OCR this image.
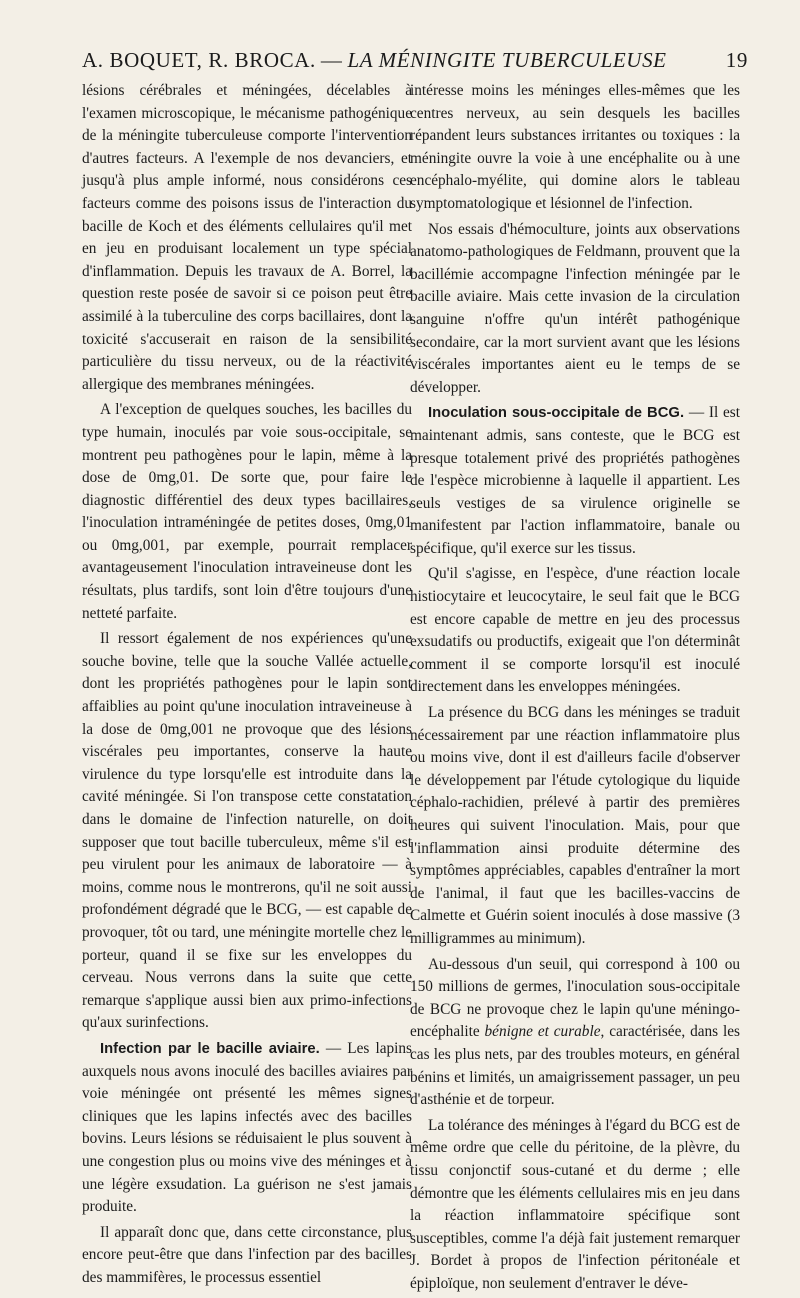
A. BOQUET, R. BROCA. — LA MÉNINGITE TUBERCULEUSE	19

lésions cérébrales et méningées, décelables à l'examen microscopique, le mécanisme pathogénique de la méningite tuberculeuse comporte l'intervention d'autres facteurs. A l'exemple de nos devanciers, et jusqu'à plus ample informé, nous considérons ces facteurs comme des poisons issus de l'interaction du bacille de Koch et des éléments cellulaires qu'il met en jeu en produisant localement un type spécial d'inflammation. Depuis les travaux de A. Borrel, la question reste posée de savoir si ce poison peut être assimilé à la tuberculine des corps bacillaires, dont la toxicité s'accuserait en raison de la sensibilité particulière du tissu nerveux, ou de la réactivité allergique des membranes méningées.

A l'exception de quelques souches, les bacilles du type humain, inoculés par voie sous-occipitale, se montrent peu pathogènes pour le lapin, même à la dose de 0mg,01. De sorte que, pour faire le diagnostic différentiel des deux types bacillaires, l'inoculation intraméningée de petites doses, 0mg,01 ou 0mg,001, par exemple, pourrait remplacer avantageusement l'inoculation intraveineuse dont les résultats, plus tardifs, sont loin d'être toujours d'une netteté parfaite.

Il ressort également de nos expériences qu'une souche bovine, telle que la souche Vallée actuelle, dont les propriétés pathogènes pour le lapin sont affaiblies au point qu'une inoculation intraveineuse à la dose de 0mg,001 ne provoque que des lésions viscérales peu importantes, conserve la haute virulence du type lorsqu'elle est introduite dans la cavité méningée. Si l'on transpose cette constatation dans le domaine de l'infection naturelle, on doit supposer que tout bacille tuberculeux, même s'il est peu virulent pour les animaux de laboratoire — à moins, comme nous le montrerons, qu'il ne soit aussi profondément dégradé que le BCG, — est capable de provoquer, tôt ou tard, une méningite mortelle chez le porteur, quand il se fixe sur les enveloppes du cerveau. Nous verrons dans la suite que cette remarque s'applique aussi bien aux primo-infections qu'aux surinfections.

Infection par le bacille aviaire. — Les lapins auxquels nous avons inoculé des bacilles aviaires par voie méningée ont présenté les mêmes signes cliniques que les lapins infectés avec des bacilles bovins. Leurs lésions se réduisaient le plus souvent à une congestion plus ou moins vive des méninges et à une légère exsudation. La guérison ne s'est jamais produite.

Il apparaît donc que, dans cette circonstance, plus encore peut-être que dans l'infection par des bacilles des mammifères, le processus essentiel

intéresse moins les méninges elles-mêmes que les centres nerveux, au sein desquels les bacilles répandent leurs substances irritantes ou toxiques : la méningite ouvre la voie à une encéphalite ou à une encéphalo-myélite, qui domine alors le tableau symptomatologique et lésionnel de l'infection.

Nos essais d'hémoculture, joints aux observations anatomo-pathologiques de Feldmann, prouvent que la bacillémie accompagne l'infection méningée par le bacille aviaire. Mais cette invasion de la circulation sanguine n'offre qu'un intérêt pathogénique secondaire, car la mort survient avant que les lésions viscérales importantes aient eu le temps de se développer.

Inoculation sous-occipitale de BCG. — Il est maintenant admis, sans conteste, que le BCG est presque totalement privé des propriétés pathogènes de l'espèce microbienne à laquelle il appartient. Les seuls vestiges de sa virulence originelle se manifestent par l'action inflammatoire, banale ou spécifique, qu'il exerce sur les tissus.

Qu'il s'agisse, en l'espèce, d'une réaction locale histiocytaire et leucocytaire, le seul fait que le BCG est encore capable de mettre en jeu des processus exsudatifs ou productifs, exigeait que l'on déterminât comment il se comporte lorsqu'il est inoculé directement dans les enveloppes méningées.

La présence du BCG dans les méninges se traduit nécessairement par une réaction inflammatoire plus ou moins vive, dont il est d'ailleurs facile d'observer le développement par l'étude cytologique du liquide céphalo-rachidien, prélevé à partir des premières heures qui suivent l'inoculation. Mais, pour que l'inflammation ainsi produite détermine des symptômes appréciables, capables d'entraîner la mort de l'animal, il faut que les bacilles-vaccins de Calmette et Guérin soient inoculés à dose massive (3 milligrammes au minimum).

Au-dessous d'un seuil, qui correspond à 100 ou 150 millions de germes, l'inoculation sous-occipitale de BCG ne provoque chez le lapin qu'une méningo-encéphalite bénigne et curable, caractérisée, dans les cas les plus nets, par des troubles moteurs, en général bénins et limités, un amaigrissement passager, un peu d'asthénie et de torpeur.

La tolérance des méninges à l'égard du BCG est de même ordre que celle du péritoine, de la plèvre, du tissu conjonctif sous-cutané et du derme ; elle démontre que les éléments cellulaires mis en jeu dans la réaction inflammatoire spécifique sont susceptibles, comme l'a déjà fait justement remarquer J. Bordet à propos de l'infection péritonéale et épiploïque, non seulement d'entraver le déve-
